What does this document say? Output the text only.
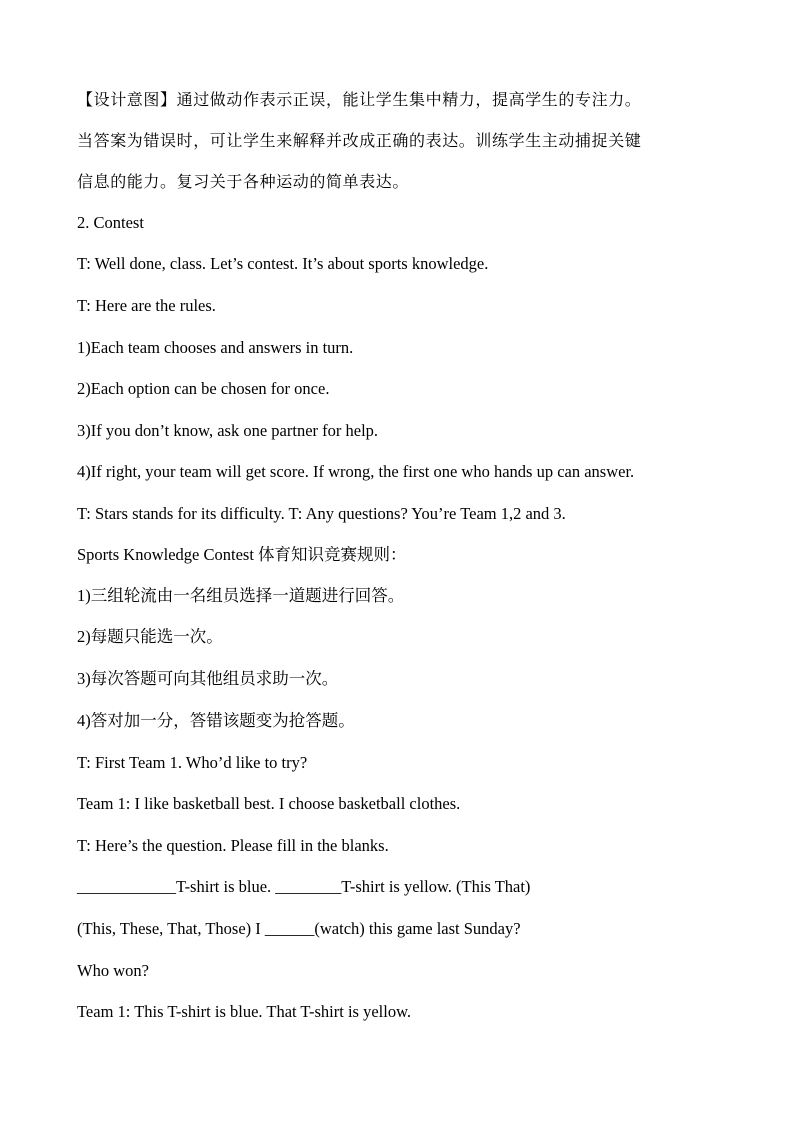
【设计意图】通过做动作表示正误，能让学生集中精力，提高学生的专注力。
当答案为错误时，可让学生来解释并改成正确的表达。训练学生主动捕捉关键
信息的能力。复习关于各种运动的简单表达。
2. Contest
T: Well done, class. Let’s contest. It’s about sports knowledge.
T: Here are the rules.
1)Each team chooses and answers in turn.
2)Each option can be chosen for once.
3)If you don’t know, ask one partner for help.
4)If right, your team will get score. If wrong, the first one who hands up can answer.
T: Stars stands for its difficulty. T: Any questions? You’re Team 1,2 and 3.
Sports Knowledge Contest 体育知识竞赛规则：
1)三组轮流由一名组员选择一道题进行回答。
2)每题只能选一次。
3)每次答题可向其他组员求助一次。
4)答对加一分，答错该题变为抢答题。
T: First Team 1. Who’d like to try?
Team 1: I like basketball best. I choose basketball clothes.
T: Here’s the question. Please fill in the blanks.
____________T-shirt is blue. ________T-shirt is yellow. (This That)
(This, These, That, Those) I ______(watch) this game last Sunday?
Who won?
Team 1: This T-shirt is blue. That T-shirt is yellow.
